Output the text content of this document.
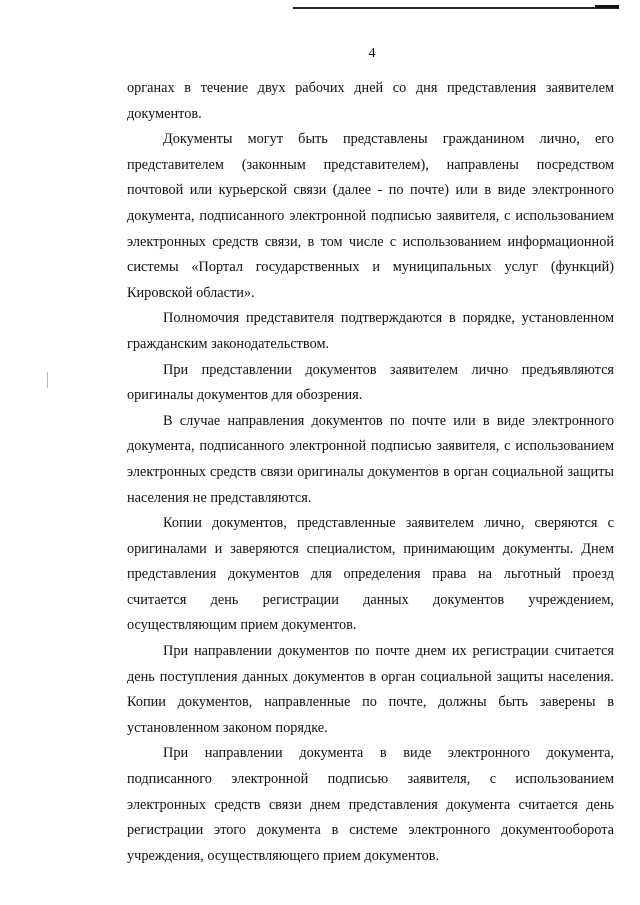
4

органах в течение двух рабочих дней со дня представления заявителем документов.

Документы могут быть представлены гражданином лично, его представителем (законным представителем), направлены посредством почтовой или курьерской связи (далее - по почте) или в виде электронного документа, подписанного электронной подписью заявителя, с использованием электронных средств связи, в том числе с использованием информационной системы «Портал государственных и муниципальных услуг (функций) Кировской области».

Полномочия представителя подтверждаются в порядке, установленном гражданским законодательством.

При представлении документов заявителем лично предъявляются оригиналы документов для обозрения.

В случае направления документов по почте или в виде электронного документа, подписанного электронной подписью заявителя, с использованием электронных средств связи оригиналы документов в орган социальной защиты населения не представляются.

Копии документов, представленные заявителем лично, сверяются с оригиналами и заверяются специалистом, принимающим документы. Днем представления документов для определения права на льготный проезд считается день регистрации данных документов учреждением, осуществляющим прием документов.

При направлении документов по почте днем их регистрации считается день поступления данных документов в орган социальной защиты населения. Копии документов, направленные по почте, должны быть заверены в установленном законом порядке.

При направлении документа в виде электронного документа, подписанного электронной подписью заявителя, с использованием электронных средств связи днем представления документа считается день регистрации этого документа в системе электронного документооборота учреждения, осуществляющего прием документов.
